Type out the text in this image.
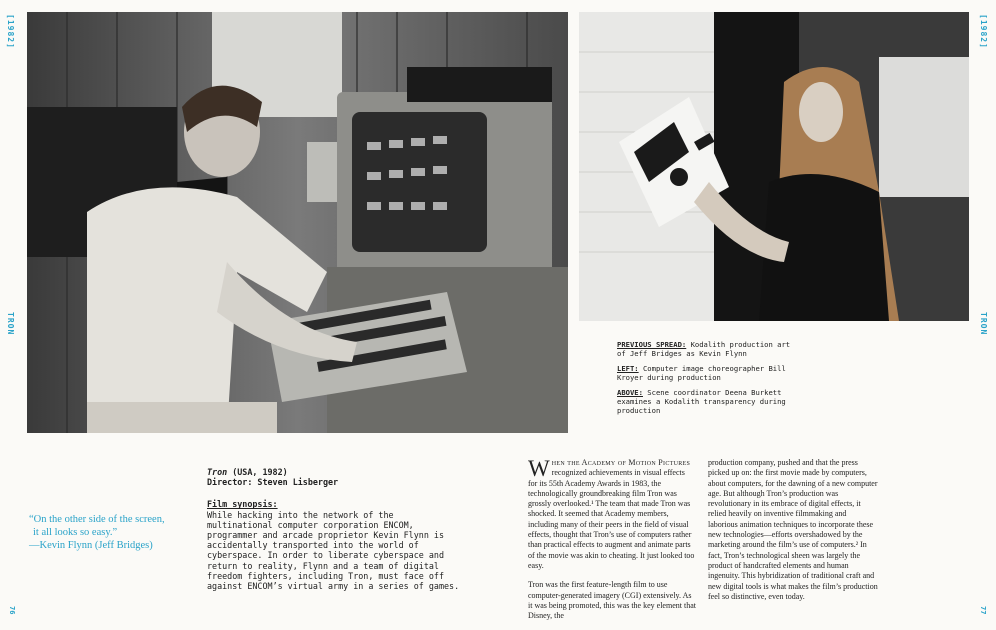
[1982]
TRON
[1982]
TRON

PREVIOUS SPREAD: Kodalith production art of Jeff Bridges as Kevin Flynn

LEFT: Computer image choreographer Bill Kroyer during production

ABOVE: Scene coordinator Deena Burkett examines a Kodalith transparency during production

“On the other side of the screen,
it all looks so easy.”
—Kevin Flynn (Jeff Bridges)
Tron (USA, 1982)
Director: Steven Lisberger
Film synopsis:
While hacking into the network of the multinational computer corporation ENCOM, programmer and arcade proprietor Kevin Flynn is accidentally transported into the world of cyberspace. In order to liberate cyberspace and return to reality, Flynn and a team of digital freedom fighters, including Tron, must face off against ENCOM’s virtual army in a series of games.

When the Academy of Motion Pictures recognized achievements in visual effects for its 55th Academy Awards in 1983, the technologically groundbreaking film Tron was grossly overlooked.¹ The team that made Tron was shocked. It seemed that Academy members, including many of their peers in the field of visual effects, thought that Tron’s use of computers rather than practical effects to augment and animate parts of the movie was akin to cheating. It just looked too easy.

Tron was the first feature-length film to use computer-generated imagery (CGI) extensively. As it was being promoted, this was the key element that Disney, the

production company, pushed and that the press picked up on: the first movie made by computers, about computers, for the dawning of a new computer age. But although Tron’s production was revolutionary in its embrace of digital effects, it relied heavily on inventive filmmaking and laborious animation techniques to incorporate these new technologies—efforts overshadowed by the marketing around the film’s use of computers.² In fact, Tron’s technological sheen was largely the product of handcrafted elements and human ingenuity. This hybridization of traditional craft and new digital tools is what makes the film’s production feel so distinctive, even today.

76	77
